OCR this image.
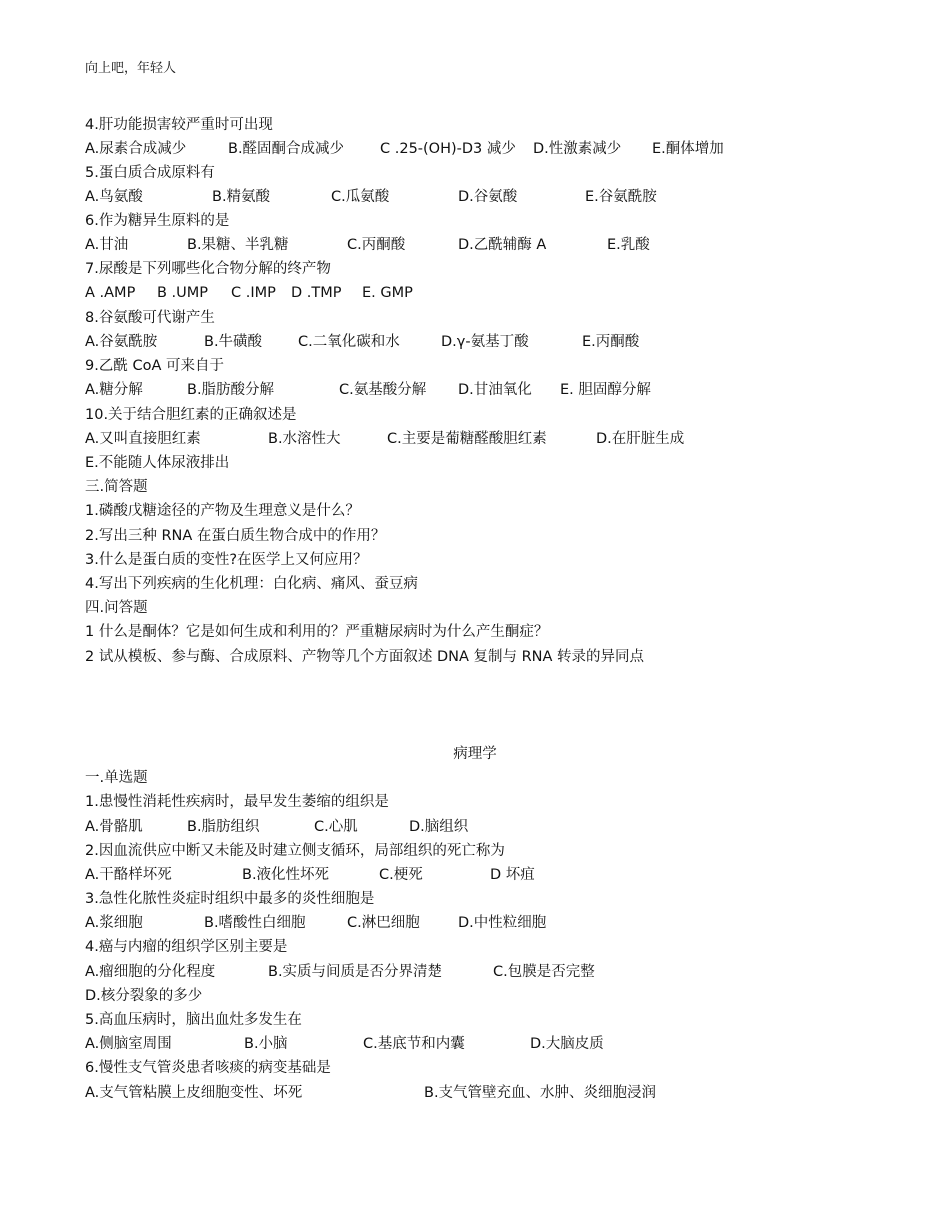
向上吧，年轻人
4.肝功能损害较严重时可出现
A.尿素合成减少	B.醛固酮合成减少 C .25-(OH)-D3 减少 D.性激素减少 E.酮体增加
5.蛋白质合成原料有
A.鸟氨酸	B.精氨酸	C.瓜氨酸	D.谷氨酸	E.谷氨酰胺
6.作为糖异生原料的是
A.甘油	B.果糖、半乳糖	C.丙酮酸	D.乙酰辅酶 A	E.乳酸
7.尿酸是下列哪些化合物分解的终产物
A .AMP B .UMP C .IMP D .TMP E. GMP
8.谷氨酸可代谢产生
A.谷氨酰胺	B.牛磺酸 C.二氧化碳和水	D.γ-氨基丁酸	E.丙酮酸
9.乙酰 CoA 可来自于
A.糖分解	B.脂肪酸分解	C.氨基酸分解 D.甘油氧化 E. 胆固醇分解
10.关于结合胆红素的正确叙述是
A.又叫直接胆红素	B.水溶性大	C.主要是葡糖醛酸胆红素	D.在肝脏生成
E.不能随人体尿液排出
三.简答题
1.磷酸戊糖途径的产物及生理意义是什么？
2.写出三种 RNA 在蛋白质生物合成中的作用？
3.什么是蛋白质的变性?在医学上又何应用？
4.写出下列疾病的生化机理：白化病、痛风、蚕豆病
四.问答题
1 什么是酮体？它是如何生成和利用的？严重糖尿病时为什么产生酮症？
2 试从模板、参与酶、合成原料、产物等几个方面叙述 DNA 复制与 RNA 转录的异同点
病理学
一.单选题
1.患慢性消耗性疾病时，最早发生萎缩的组织是
A.骨骼肌	B.脂肪组织	C.心肌	D.脑组织
2.因血流供应中断又未能及时建立侧支循环，局部组织的死亡称为
A.干酪样坏死	B.液化性坏死	C.梗死	D 坏疽
3.急性化脓性炎症时组织中最多的炎性细胞是
A.浆细胞	B.嗜酸性白细胞	C.淋巴细胞	D.中性粒细胞
4.癌与内瘤的组织学区别主要是
A.瘤细胞的分化程度	B.实质与间质是否分界清楚	C.包膜是否完整
D.核分裂象的多少
5.高血压病时，脑出血灶多发生在
A.侧脑室周围	B.小脑	C.基底节和内囊	D.大脑皮质
6.慢性支气管炎患者咳痰的病变基础是
A.支气管粘膜上皮细胞变性、坏死	B.支气管壁充血、水肿、炎细胞浸润
